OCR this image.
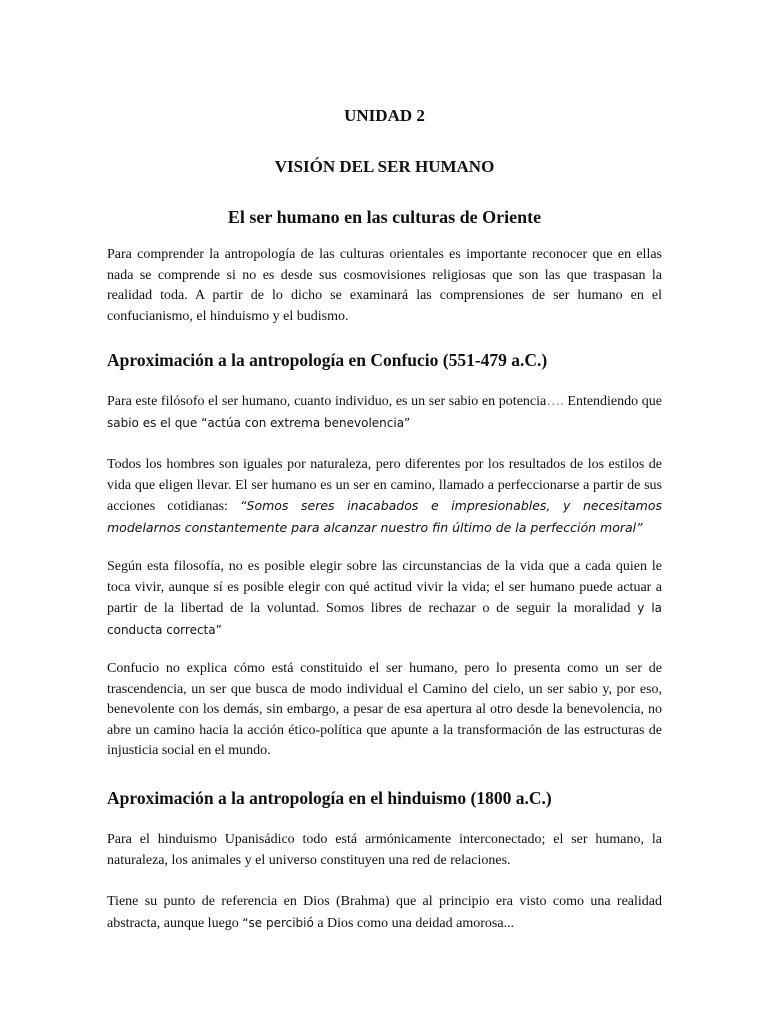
UNIDAD 2
VISIÓN DEL SER HUMANO
El ser humano en las culturas de Oriente
Para comprender la antropología de las culturas orientales es importante reconocer que en ellas nada se comprende si no es desde sus cosmovisiones religiosas que son las que traspasan la realidad toda. A partir de lo dicho se examinará las comprensiones de ser humano en el confucianismo, el hinduismo y el budismo.
Aproximación a la antropología en Confucio (551-479 a.C.)
Para este filósofo el ser humano, cuanto individuo, es un ser sabio en potencia…. Entendiendo que sabio es el que “actúa con extrema benevolencia”
Todos los hombres son iguales por naturaleza, pero diferentes por los resultados de los estilos de vida que eligen llevar. El ser humano es un ser en camino, llamado a perfeccionarse a partir de sus acciones cotidianas: “Somos seres inacabados e impresionables, y necesitamos modelarnos constantemente para alcanzar nuestro fin último de la perfección moral”
Según esta filosofía, no es posible elegir sobre las circunstancias de la vida que a cada quien le toca vivir, aunque sí es posible elegir con qué actitud vivir la vida; el ser humano puede actuar a partir de la libertad de la voluntad. Somos libres de rechazar o de seguir la moralidad y la conducta correcta”
Confucio no explica cómo está constituido el ser humano, pero lo presenta como un ser de trascendencia, un ser que busca de modo individual el Camino del cielo, un ser sabio y, por eso, benevolente con los demás, sin embargo, a pesar de esa apertura al otro desde la benevolencia, no abre un camino hacia la acción ético-política que apunte a la transformación de las estructuras de injusticia social en el mundo.
Aproximación a la antropología en el hinduismo (1800 a.C.)
Para el hinduismo Upanisádico todo está armónicamente interconectado; el ser humano, la naturaleza, los animales y el universo constituyen una red de relaciones.
Tiene su punto de referencia en Dios (Brahma) que al principio era visto como una realidad abstracta, aunque luego “se percibió a Dios como una deidad amorosa...
